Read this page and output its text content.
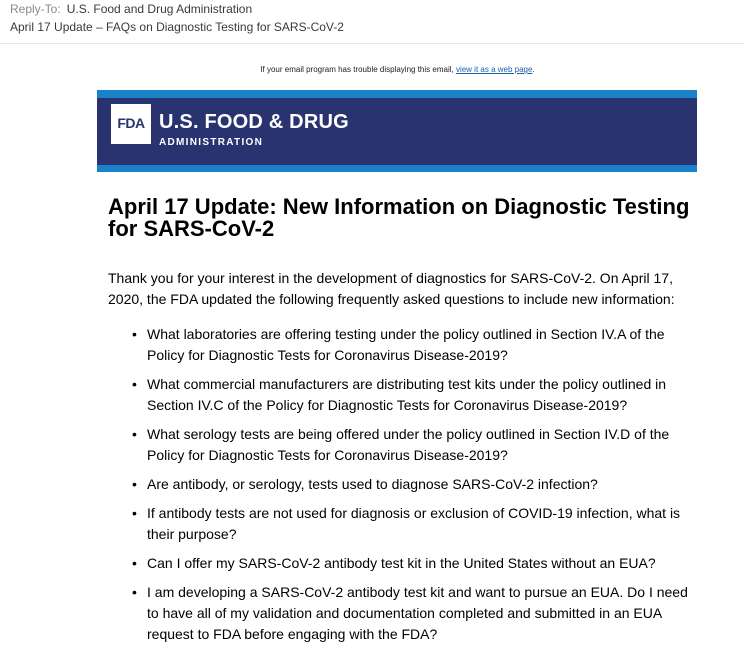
Reply-To: U.S. Food and Drug Administration
April 17 Update – FAQs on Diagnostic Testing for SARS-CoV-2
If your email program has trouble displaying this email, view it as a web page.
FDA U.S. FOOD & DRUG
ADMINISTRATION
April 17 Update: New Information on Diagnostic Testing for SARS-CoV-2

Thank you for your interest in the development of diagnostics for SARS-CoV-2. On April 17, 2020, the FDA updated the following frequently asked questions to include new information:

• What laboratories are offering testing under the policy outlined in Section IV.A of the Policy for Diagnostic Tests for Coronavirus Disease-2019?
• What commercial manufacturers are distributing test kits under the policy outlined in Section IV.C of the Policy for Diagnostic Tests for Coronavirus Disease-2019?
• What serology tests are being offered under the policy outlined in Section IV.D of the Policy for Diagnostic Tests for Coronavirus Disease-2019?
• Are antibody, or serology, tests used to diagnose SARS-CoV-2 infection?
• If antibody tests are not used for diagnosis or exclusion of COVID-19 infection, what is their purpose?
• Can I offer my SARS-CoV-2 antibody test kit in the United States without an EUA?
• I am developing a SARS-CoV-2 antibody test kit and want to pursue an EUA. Do I need to have all of my validation and documentation completed and submitted in an EUA request to FDA before engaging with the FDA?
